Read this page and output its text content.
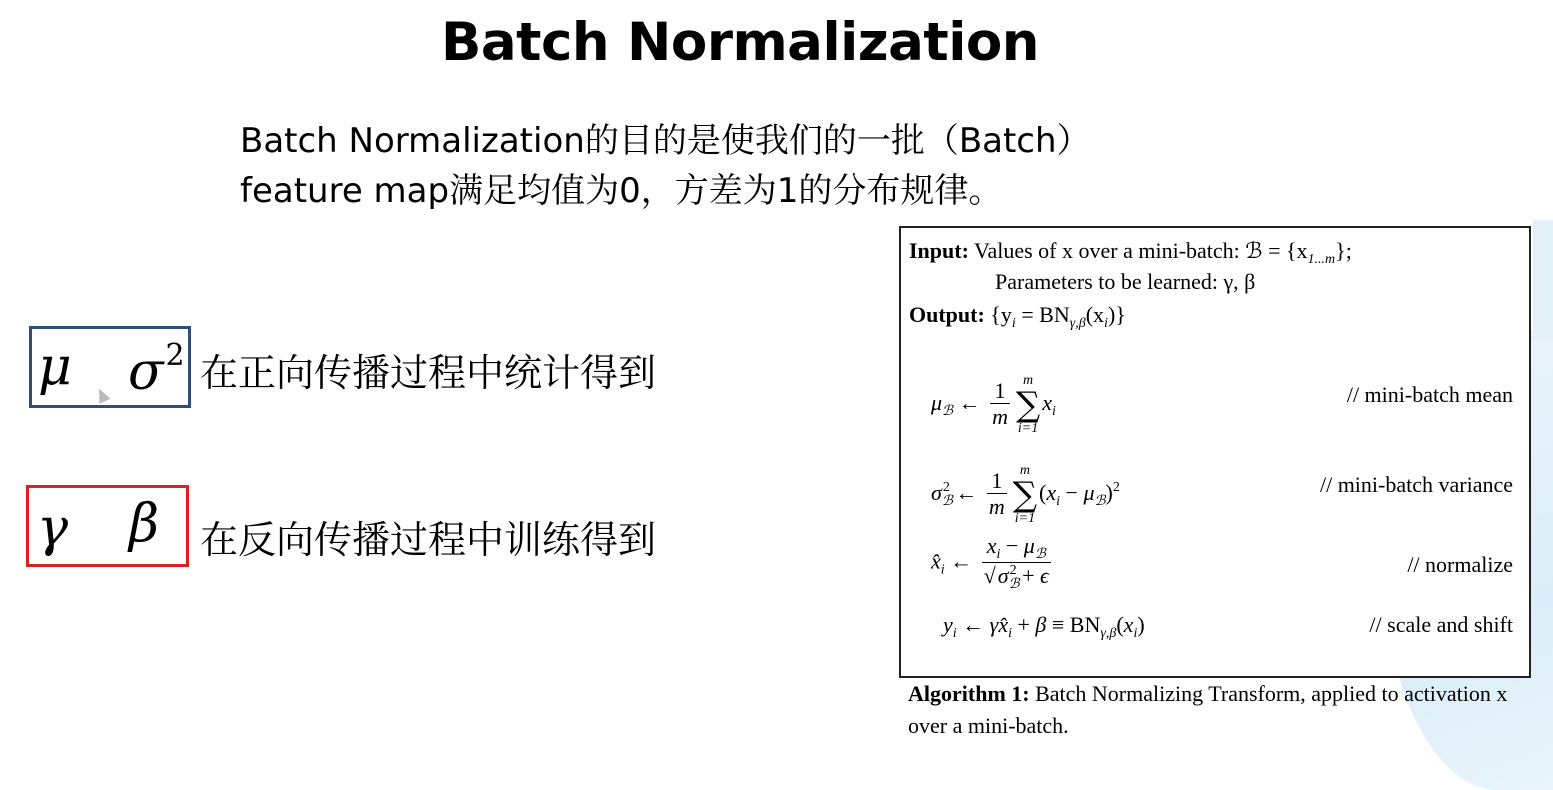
Batch Normalization
Batch Normalization的目的是使我们的一批（Batch）
feature map满足均值为0，方差为1的分布规律。
μ $\sigma^2$ 在正向传播过程中统计得到
γ β 在反向传播过程中训练得到
Input: Values of x over a mini-batch: ℬ = $\{x_{1...m}\}$;
Parameters to be learned: γ, β
Output: $\{y_i = BN_{\gamma,\beta}(x_i)\}$
$\mu_ℬ$ ← $\frac{1}{m}$ m
∑
i=1
$x_i$
// mini-batch mean
$\sigma_ℬ^2$ ← $\frac{1}{m}$ m
∑
i=1
$(x_i - \mu_ℬ)^2$	// mini-batch variance
$x̂_i$ ← $\frac{x_i - \mu_ℬ}{√\sigma_ℬ^2 + \epsilon}$	// normalize
$y_i$ ← $\gamma x̂_i + \beta \equiv BN_{\gamma,\beta}(x_i)$	// scale and shift
Algorithm 1: Batch Normalizing Transform, applied to activation x over a mini-batch.
